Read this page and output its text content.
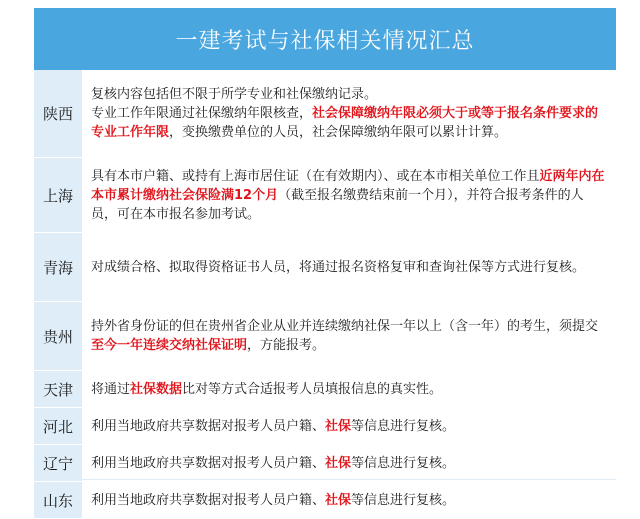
一建考试与社保相关情况汇总
陕西	复核内容包括但不限于所学专业和社保缴纳记录。
专业工作年限通过社保缴纳年限核查，社会保障缴纳年限必须大于或等于报名条件要求的专业工作年限，变换缴费单位的人员，社会保障缴纳年限可以累计计算。
上海	具有本市户籍、或持有上海市居住证（在有效期内）、或在本市相关单位工作且近两年内在本市累计缴纳社会保险满12个月（截至报名缴费结束前一个月），并符合报考条件的人员，可在本市报名参加考试。
青海	对成绩合格、拟取得资格证书人员，将通过报名资格复审和查询社保等方式进行复核。
贵州	持外省身份证的但在贵州省企业从业并连续缴纳社保一年以上（含一年）的考生，须提交至今一年连续交纳社保证明，方能报考。
天津	将通过社保数据比对等方式合适报考人员填报信息的真实性。
河北	利用当地政府共享数据对报考人员户籍、社保等信息进行复核。
辽宁	利用当地政府共享数据对报考人员户籍、社保等信息进行复核。
山东	利用当地政府共享数据对报考人员户籍、社保等信息进行复核。
